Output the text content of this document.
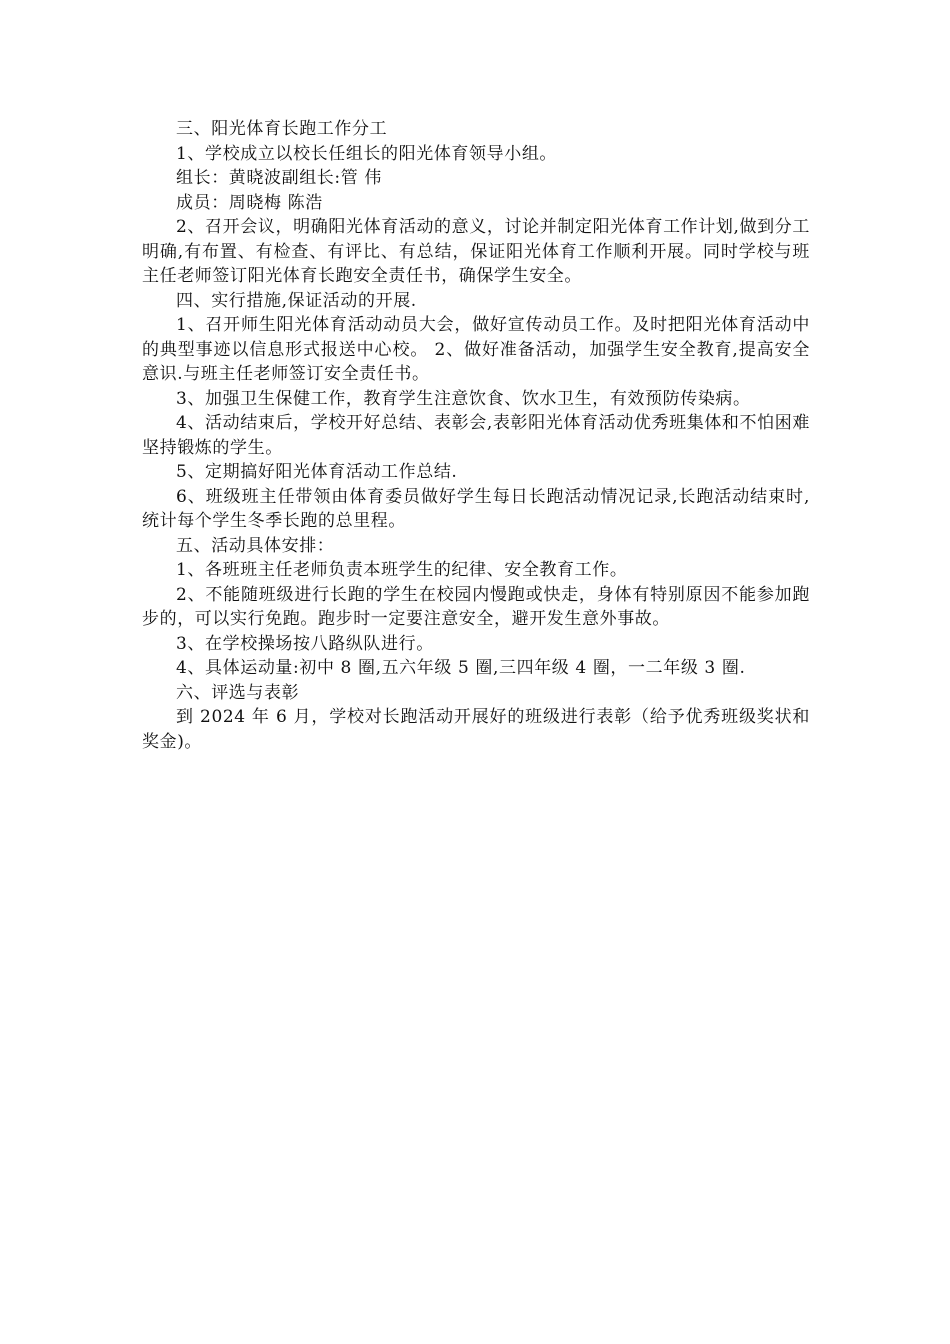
三、阳光体育长跑工作分工

1、学校成立以校长任组长的阳光体育领导小组。

组长：黄晓波副组长:管 伟

成员：周晓梅 陈浩

2、召开会议，明确阳光体育活动的意义，讨论并制定阳光体育工作计划,做到分工明确,有布置、有检查、有评比、有总结，保证阳光体育工作顺利开展。同时学校与班主任老师签订阳光体育长跑安全责任书，确保学生安全。

四、实行措施,保证活动的开展.

1、召开师生阳光体育活动动员大会，做好宣传动员工作。及时把阳光体育活动中的典型事迹以信息形式报送中心校。 2、做好准备活动，加强学生安全教育,提高安全意识.与班主任老师签订安全责任书。

3、加强卫生保健工作，教育学生注意饮食、饮水卫生，有效预防传染病。

4、活动结束后，学校开好总结、表彰会,表彰阳光体育活动优秀班集体和不怕困难坚持锻炼的学生。

5、定期搞好阳光体育活动工作总结.

6、班级班主任带领由体育委员做好学生每日长跑活动情况记录,长跑活动结束时,统计每个学生冬季长跑的总里程。

五、活动具体安排：

1、各班班主任老师负责本班学生的纪律、安全教育工作。

2、不能随班级进行长跑的学生在校园内慢跑或快走，身体有特别原因不能参加跑步的，可以实行免跑。跑步时一定要注意安全，避开发生意外事故。

3、在学校操场按八路纵队进行。

4、具体运动量:初中 8 圈,五六年级 5 圈,三四年级 4 圈，一二年级 3 圈.

六、评选与表彰

到 2024 年 6 月，学校对长跑活动开展好的班级进行表彰（给予优秀班级奖状和奖金)。
